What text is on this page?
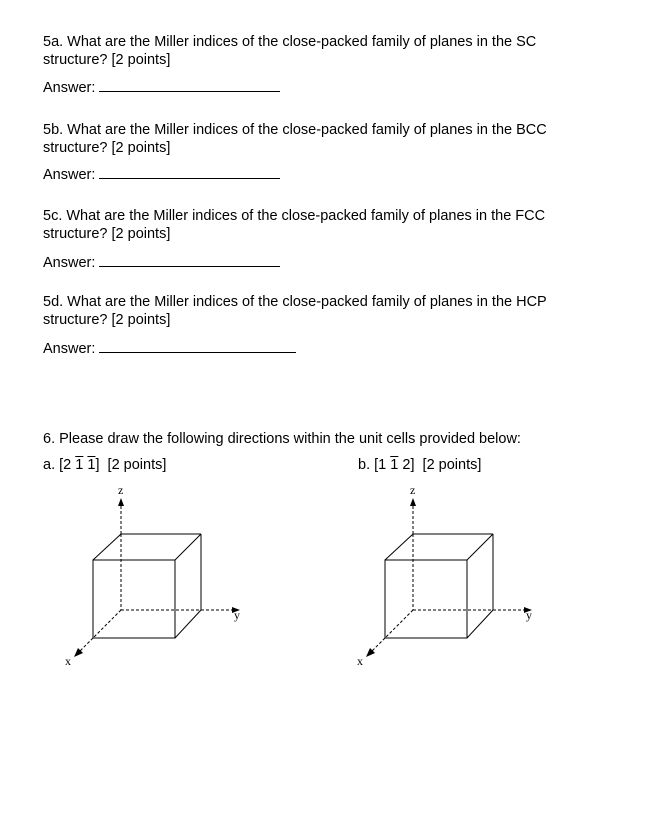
5a. What are the Miller indices of the close-packed family of planes in the SC structure? [2 points]
Answer:
5b. What are the Miller indices of the close-packed family of planes in the BCC structure? [2 points]
Answer:
5c. What are the Miller indices of the close-packed family of planes in the FCC structure? [2 points]
Answer:
5d. What are the Miller indices of the close-packed family of planes in the HCP structure? [2 points]
Answer:
6. Please draw the following directions within the unit cells provided below:
a. [2 1 1] [2 points]	b. [1 1 2] [2 points]
z
y
x
z
y
x
